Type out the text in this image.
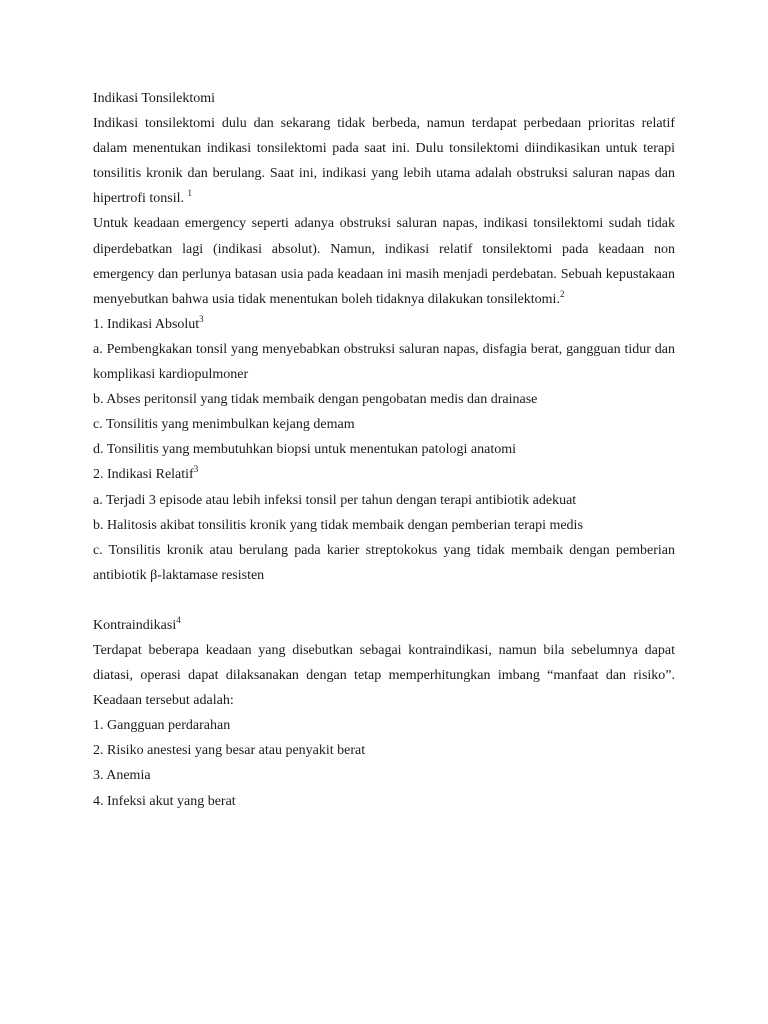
Indikasi Tonsilektomi

Indikasi tonsilektomi dulu dan sekarang tidak berbeda, namun terdapat perbedaan prioritas relatif dalam menentukan indikasi tonsilektomi pada saat ini. Dulu tonsilektomi diindikasikan untuk terapi tonsilitis kronik dan berulang. Saat ini, indikasi yang lebih utama adalah obstruksi saluran napas dan hipertrofi tonsil. $^1$

Untuk keadaan emergency seperti adanya obstruksi saluran napas, indikasi tonsilektomi sudah tidak diperdebatkan lagi (indikasi absolut). Namun, indikasi relatif tonsilektomi pada keadaan non emergency dan perlunya batasan usia pada keadaan ini masih menjadi perdebatan. Sebuah kepustakaan menyebutkan bahwa usia tidak menentukan boleh tidaknya dilakukan tonsilektomi.$^2$

1. Indikasi Absolut$^3$

a. Pembengkakan tonsil yang menyebabkan obstruksi saluran napas, disfagia berat, gangguan tidur dan komplikasi kardiopulmoner

b. Abses peritonsil yang tidak membaik dengan pengobatan medis dan drainase

c. Tonsilitis yang menimbulkan kejang demam

d. Tonsilitis yang membutuhkan biopsi untuk menentukan patologi anatomi

2. Indikasi Relatif$^3$

a. Terjadi 3 episode atau lebih infeksi tonsil per tahun dengan terapi antibiotik adekuat

b. Halitosis akibat tonsilitis kronik yang tidak membaik dengan pemberian terapi medis

c. Tonsilitis kronik atau berulang pada karier streptokokus yang tidak membaik dengan pemberian antibiotik β-laktamase resisten

Kontraindikasi$^4$

Terdapat beberapa keadaan yang disebutkan sebagai kontraindikasi, namun bila sebelumnya dapat diatasi, operasi dapat dilaksanakan dengan tetap memperhitungkan imbang “manfaat dan risiko”. Keadaan tersebut adalah:

1. Gangguan perdarahan

2. Risiko anestesi yang besar atau penyakit berat

3. Anemia

4. Infeksi akut yang berat
